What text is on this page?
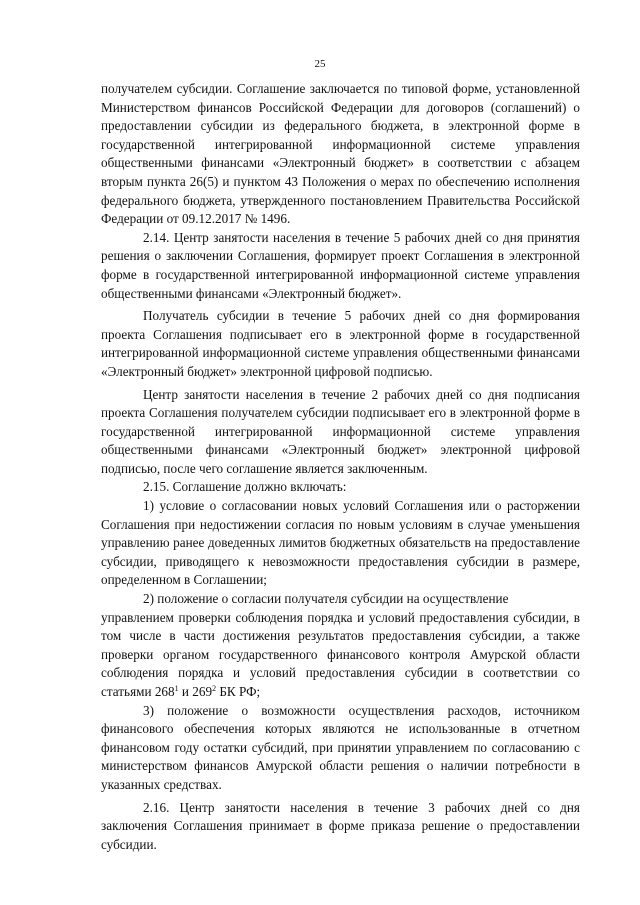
25

получателем субсидии. Соглашение заключается по типовой форме, установленной Министерством финансов Российской Федерации для договоров (соглашений) о предоставлении субсидии из федерального бюджета, в электронной форме в государственной интегрированной информационной системе управления общественными финансами «Электронный бюджет» в соответствии с абзацем вторым пункта 26(5) и пунктом 43 Положения о мерах по обеспечению исполнения федерального бюджета, утвержденного постановлением Правительства Российской Федерации от 09.12.2017 № 1496.

2.14. Центр занятости населения в течение 5 рабочих дней со дня принятия решения о заключении Соглашения, формирует проект Соглашения в электронной форме в государственной интегрированной информационной системе управления общественными финансами «Электронный бюджет».

Получатель субсидии в течение 5 рабочих дней со дня формирования проекта Соглашения подписывает его в электронной форме в государственной интегрированной информационной системе управления общественными финансами «Электронный бюджет» электронной цифровой подписью.

Центр занятости населения в течение 2 рабочих дней со дня подписания проекта Соглашения получателем субсидии подписывает его в электронной форме в государственной интегрированной информационной системе управления общественными финансами «Электронный бюджет» электронной цифровой подписью, после чего соглашение является заключенным.

2.15. Соглашение должно включать:

1) условие о согласовании новых условий Соглашения или о расторжении Соглашения при недостижении согласия по новым условиям в случае уменьшения управлению ранее доведенных лимитов бюджетных обязательств на предоставление субсидии, приводящего к невозможности предоставления субсидии в размере, определенном в Соглашении;

2) положение о согласии получателя субсидии на осуществление

управлением проверки соблюдения порядка и условий предоставления субсидии, в том числе в части достижения результатов предоставления субсидии, а также проверки органом государственного финансового контроля Амурской области соблюдения порядка и условий предоставления субсидии в соответствии со статьями $268^1$ и $269^2$ БК РФ;

3) положение о возможности осуществления расходов, источником финансового обеспечения которых являются не использованные в отчетном финансовом году остатки субсидий, при принятии управлением по согласованию с министерством финансов Амурской области решения о наличии потребности в указанных средствах.

2.16. Центр занятости населения в течение 3 рабочих дней со дня заключения Соглашения принимает в форме приказа решение о предоставлении субсидии.
